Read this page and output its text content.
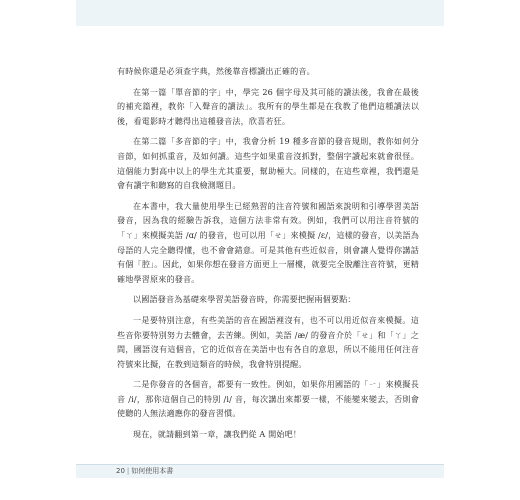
有時候你還是必須查字典，然後靠音標讀出正確的音。

在第一篇「單音節的字」中，學完 26 個字母及其可能的讀法後，我會在最後的補充篇裡，教你「入聲音的讀法」。我所有的學生都是在我教了他們這種讀法以後，看電影時才聽得出這種發音法，欣喜若狂。

在第二篇「多音節的字」中，我會分析 19 種多音節的發音規則，教你如何分音節，如何抓重音，及如何讀。這些字如果重音沒抓對，整個字讀起來就會很怪。這個能力對高中以上的學生尤其重要，幫助極大。同樣的，在這些章裡，我們還是會有讀字和聽寫的自我檢測題目。

在本書中，我大量使用學生已經熟習的注音符號和國語來說明和引導學習美語發音，因為我的經驗告訴我，這個方法非常有效。例如，我們可以用注音符號的「ㄚ」來模擬美語 /ɑ/ 的發音，也可以用「ㄝ」來模擬 /ɛ/，這樣的發音，以美語為母語的人完全聽得懂，也不會會錯意。可是其他有些近似音，則會讓人覺得你講話有個「腔」。因此，如果你想在發音方面更上一層樓，就要完全脫離注音符號，更精確地學習原來的發音。

以國語發音為基礎來學習美語發音時，你需要把握兩個要點：

一是要特別注意，有些美語的音在國語裡沒有，也不可以用近似音來模擬。這些音你要特別努力去體會，去苦練。例如，美語 /æ/ 的發音介於「ㄝ」和「ㄚ」之間，國語沒有這個音，它的近似音在美語中也有各自的意思，所以不能用任何注音符號來比擬，在教到這類音的時候，我會特別提醒。

二是你發音的各個音，都要有一致性。例如，如果你用國語的「ㄧ」來模擬長音 /i/，那你這個自己的特別 /i/ 音，每次講出來都要一樣，不能變來變去，否則會使聽的人無法適應你的發音習慣。

現在，就請翻到第一章，讓我們從 A 開始吧！

20 | 如何使用本書
